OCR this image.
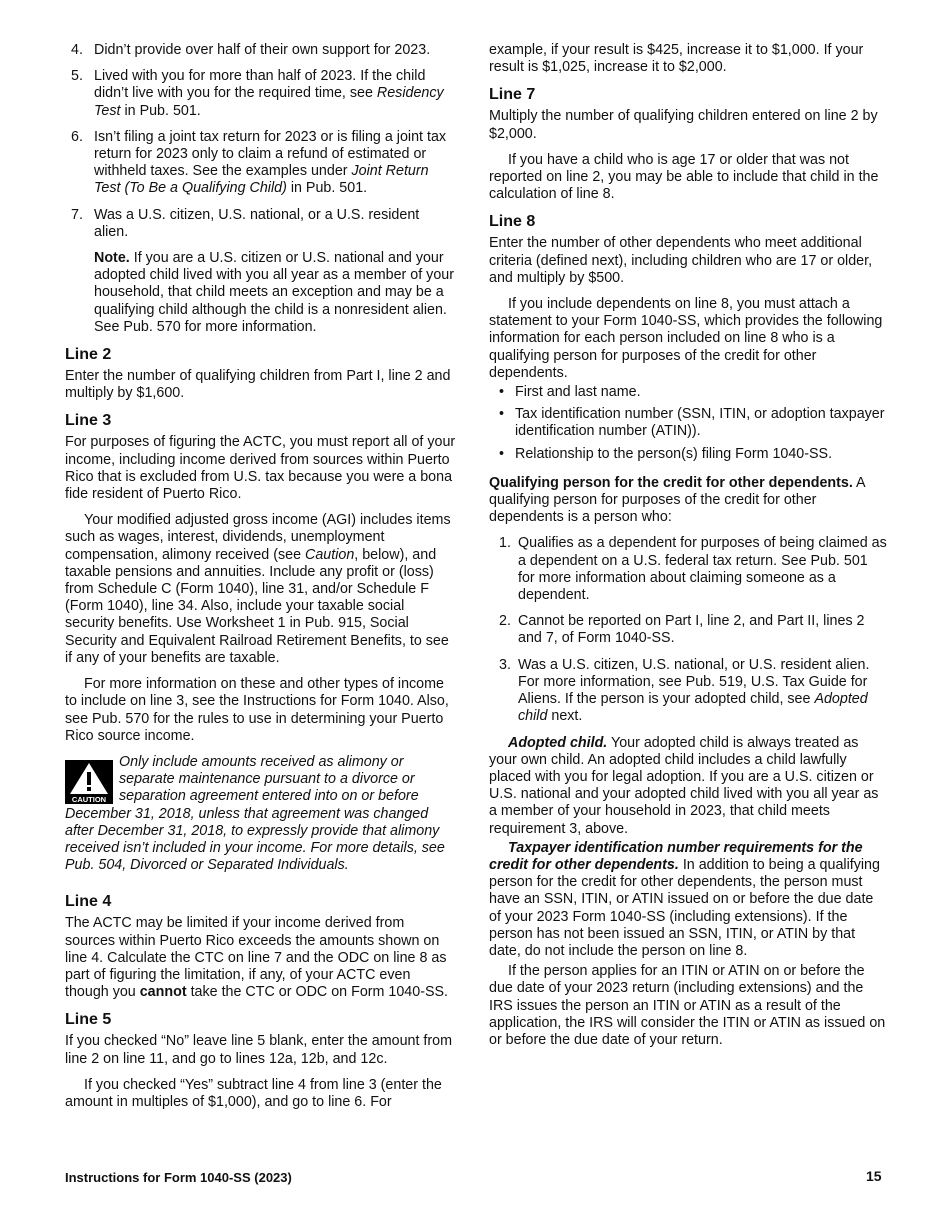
4. Didn’t provide over half of their own support for 2023.
5. Lived with you for more than half of 2023. If the child didn’t live with you for the required time, see Residency Test in Pub. 501.
6. Isn’t filing a joint tax return for 2023 or is filing a joint tax return for 2023 only to claim a refund of estimated or withheld taxes. See the examples under Joint Return Test (To Be a Qualifying Child) in Pub. 501.
7. Was a U.S. citizen, U.S. national, or a U.S. resident alien.
Note. If you are a U.S. citizen or U.S. national and your adopted child lived with you all year as a member of your household, that child meets an exception and may be a qualifying child although the child is a nonresident alien. See Pub. 570 for more information.
Line 2

Enter the number of qualifying children from Part I, line 2 and multiply by $1,600.

Line 3

For purposes of figuring the ACTC, you must report all of your income, including income derived from sources within Puerto Rico that is excluded from U.S. tax because you were a bona fide resident of Puerto Rico.

Your modified adjusted gross income (AGI) includes items such as wages, interest, dividends, unemployment compensation, alimony received (see Caution, below), and taxable pensions and annuities. Include any profit or (loss) from Schedule C (Form 1040), line 31, and/or Schedule F (Form 1040), line 34. Also, include your taxable social security benefits. Use Worksheet 1 in Pub. 915, Social Security and Equivalent Railroad Retirement Benefits, to see if any of your benefits are taxable.

For more information on these and other types of income to include on line 3, see the Instructions for Form 1040. Also, see Pub. 570 for the rules to use in determining your Puerto Rico source income.

CAUTION
Only include amounts received as alimony or
separate maintenance pursuant to a divorce or
separation agreement entered into on or before
December 31, 2018, unless that agreement was changed after December 31, 2018, to expressly provide that alimony received isn’t included in your income. For more details, see Pub. 504, Divorced or Separated Individuals.
Line 4

The ACTC may be limited if your income derived from sources within Puerto Rico exceeds the amounts shown on line 4. Calculate the CTC on line 7 and the ODC on line 8 as part of figuring the limitation, if any, of your ACTC even though you cannot take the CTC or ODC on Form 1040-SS.

Line 5

If you checked “No” leave line 5 blank, enter the amount from line 2 on line 11, and go to lines 12a, 12b, and 12c.

If you checked “Yes” subtract line 4 from line 3 (enter the amount in multiples of $1,000), and go to line 6. For

example, if your result is $425, increase it to $1,000. If your result is $1,025, increase it to $2,000.

Line 7

Multiply the number of qualifying children entered on line 2 by $2,000.

If you have a child who is age 17 or older that was not reported on line 2, you may be able to include that child in the calculation of line 8.

Line 8

Enter the number of other dependents who meet additional criteria (defined next), including children who are 17 or older, and multiply by $500.

If you include dependents on line 8, you must attach a statement to your Form 1040-SS, which provides the following information for each person included on line 8 who is a qualifying person for purposes of the credit for other dependents.

• First and last name.
• Tax identification number (SSN, ITIN, or adoption taxpayer identification number (ATIN)).
• Relationship to the person(s) filing Form 1040-SS.

Qualifying person for the credit for other dependents. A qualifying person for purposes of the credit for other dependents is a person who:

1. Qualifies as a dependent for purposes of being claimed as a dependent on a U.S. federal tax return. See Pub. 501 for more information about claiming someone as a dependent.
2. Cannot be reported on Part I, line 2, and Part II, lines 2 and 7, of Form 1040-SS.
3. Was a U.S. citizen, U.S. national, or U.S. resident alien. For more information, see Pub. 519, U.S. Tax Guide for Aliens. If the person is your adopted child, see Adopted child next.

Adopted child. Your adopted child is always treated as your own child. An adopted child includes a child lawfully placed with you for legal adoption. If you are a U.S. citizen or U.S. national and your adopted child lived with you all year as a member of your household in 2023, that child meets requirement 3, above.

Taxpayer identification number requirements for the credit for other dependents. In addition to being a qualifying person for the credit for other dependents, the person must have an SSN, ITIN, or ATIN issued on or before the due date of your 2023 Form 1040-SS (including extensions). If the person has not been issued an SSN, ITIN, or ATIN by that date, do not include the person on line 8.

If the person applies for an ITIN or ATIN on or before the due date of your 2023 return (including extensions) and the IRS issues the person an ITIN or ATIN as a result of the application, the IRS will consider the ITIN or ATIN as issued on or before the due date of your return.

Instructions for Form 1040-SS (2023)	15
